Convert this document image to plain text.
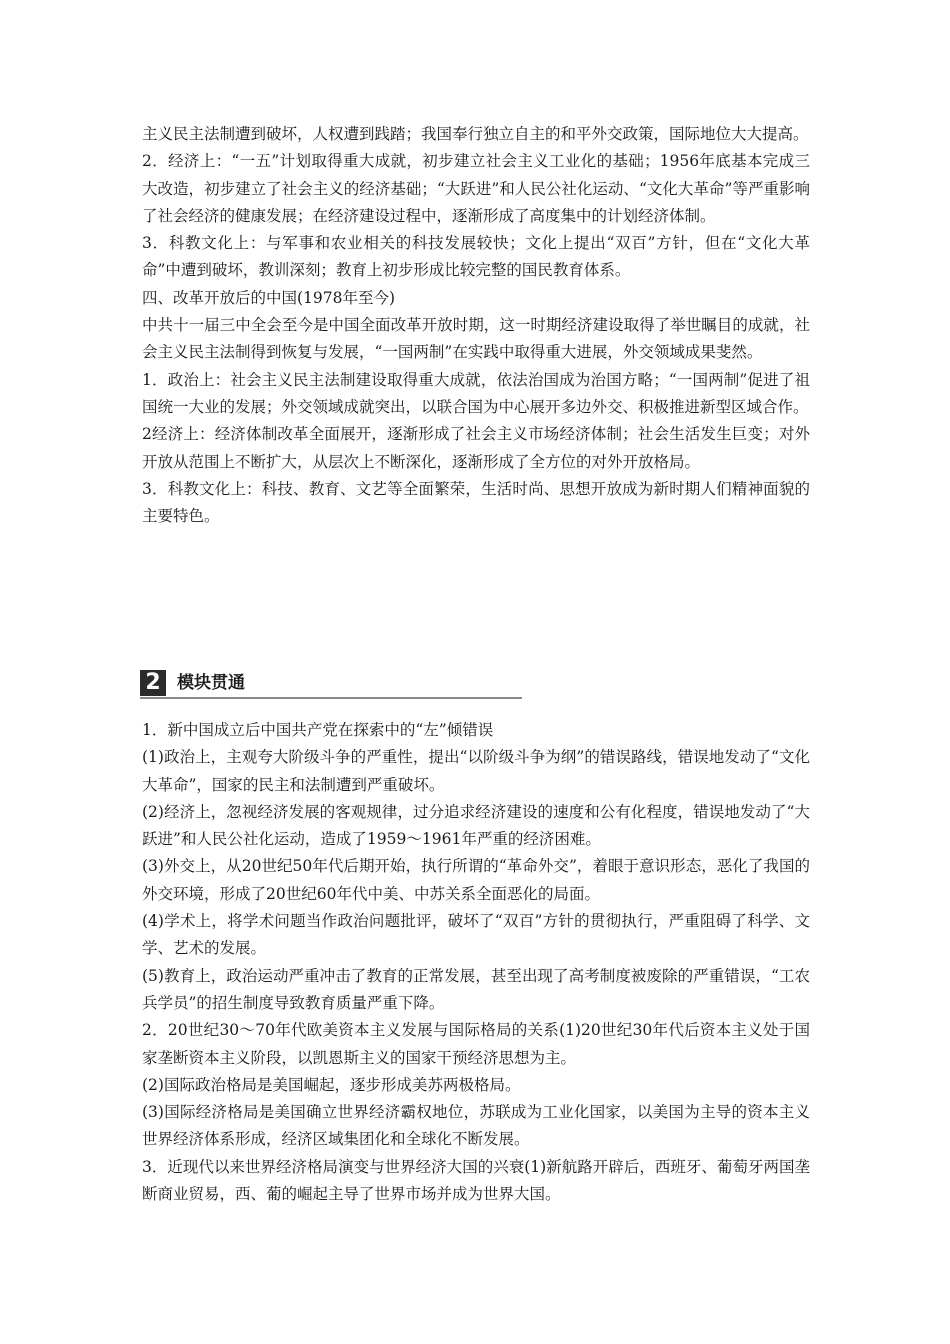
主义民主法制遭到破坏，人权遭到践踏；我国奉行独立自主的和平外交政策，国际地位大大提高。

2．经济上：“一五”计划取得重大成就，初步建立社会主义工业化的基础；1956年底基本完成三大改造，初步建立了社会主义的经济基础；“大跃进”和人民公社化运动、“文化大革命”等严重影响了社会经济的健康发展；在经济建设过程中，逐渐形成了高度集中的计划经济体制。

3．科教文化上：与军事和农业相关的科技发展较快；文化上提出“双百”方针，但在“文化大革命”中遭到破坏，教训深刻；教育上初步形成比较完整的国民教育体系。

四、改革开放后的中国(1978年至今)

中共十一届三中全会至今是中国全面改革开放时期，这一时期经济建设取得了举世瞩目的成就，社会主义民主法制得到恢复与发展，“一国两制”在实践中取得重大进展，外交领域成果斐然。

1．政治上：社会主义民主法制建设取得重大成就，依法治国成为治国方略；“一国两制”促进了祖国统一大业的发展；外交领域成就突出，以联合国为中心展开多边外交、积极推进新型区域合作。

2经济上：经济体制改革全面展开，逐渐形成了社会主义市场经济体制；社会生活发生巨变；对外开放从范围上不断扩大，从层次上不断深化，逐渐形成了全方位的对外开放格局。

3．科教文化上：科技、教育、文艺等全面繁荣，生活时尚、思想开放成为新时期人们精神面貌的主要特色。

2 模块贯通

1．新中国成立后中国共产党在探索中的“左”倾错误

(1)政治上，主观夸大阶级斗争的严重性，提出“以阶级斗争为纲”的错误路线，错误地发动了“文化大革命”，国家的民主和法制遭到严重破坏。

(2)经济上，忽视经济发展的客观规律，过分追求经济建设的速度和公有化程度，错误地发动了“大跃进”和人民公社化运动，造成了1959～1961年严重的经济困难。

(3)外交上，从20世纪50年代后期开始，执行所谓的“革命外交”，着眼于意识形态，恶化了我国的外交环境，形成了20世纪60年代中美、中苏关系全面恶化的局面。

(4)学术上，将学术问题当作政治问题批评，破坏了“双百”方针的贯彻执行，严重阻碍了科学、文学、艺术的发展。

(5)教育上，政治运动严重冲击了教育的正常发展，甚至出现了高考制度被废除的严重错误，“工农兵学员”的招生制度导致教育质量严重下降。

2．20世纪30～70年代欧美资本主义发展与国际格局的关系(1)20世纪30年代后资本主义处于国家垄断资本主义阶段，以凯恩斯主义的国家干预经济思想为主。

(2)国际政治格局是美国崛起，逐步形成美苏两极格局。

(3)国际经济格局是美国确立世界经济霸权地位，苏联成为工业化国家，以美国为主导的资本主义世界经济体系形成，经济区域集团化和全球化不断发展。

3．近现代以来世界经济格局演变与世界经济大国的兴衰(1)新航路开辟后，西班牙、葡萄牙两国垄断商业贸易，西、葡的崛起主导了世界市场并成为世界大国。
